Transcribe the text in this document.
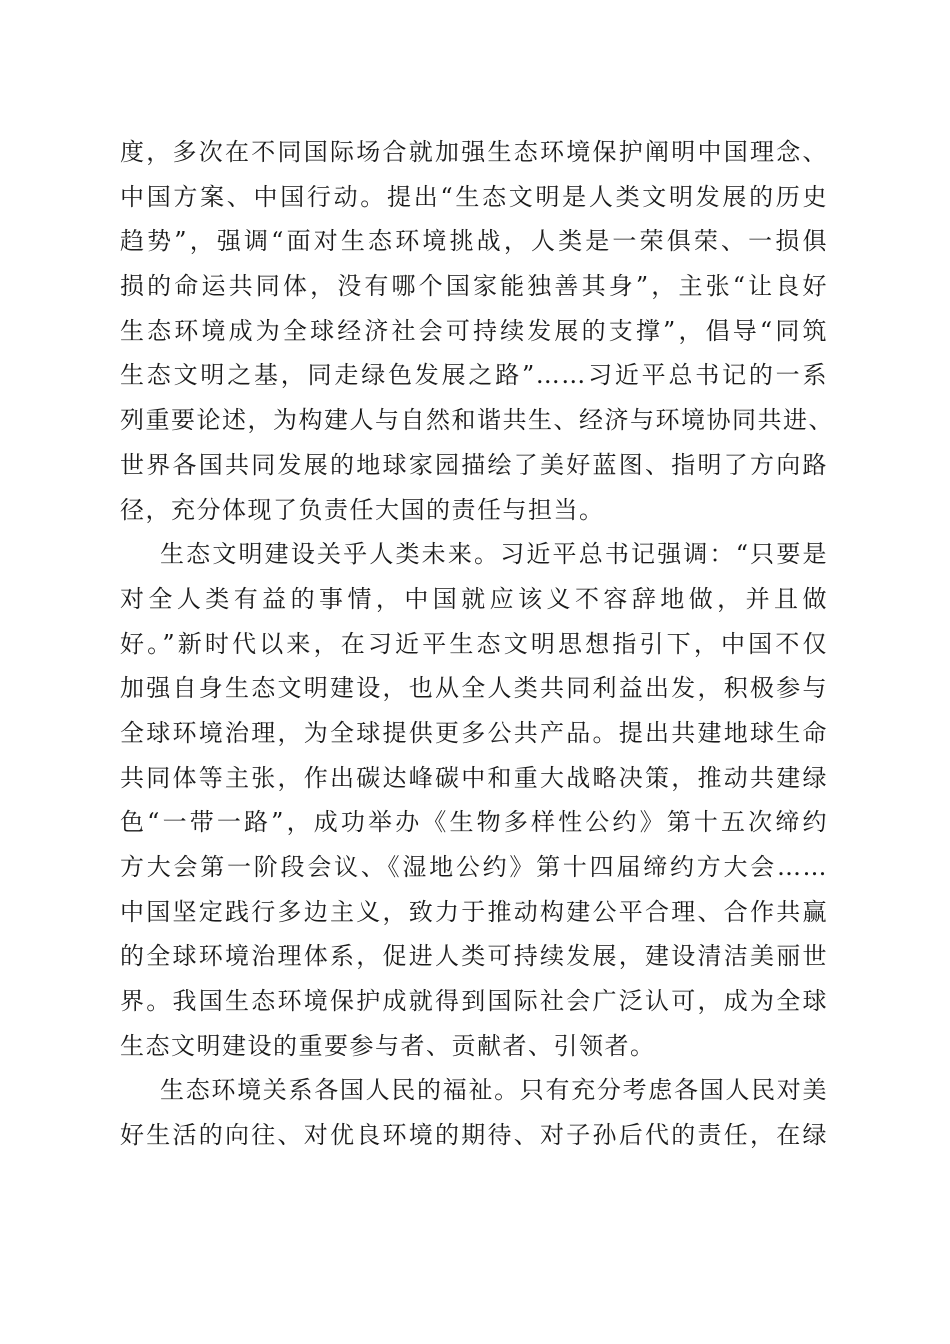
度，多次在不同国际场合就加强生态环境保护阐明中国理念、
中国方案、中国行动。提出“生态文明是人类文明发展的历史
趋势”，强调“面对生态环境挑战，人类是一荣俱荣、一损俱
损的命运共同体，没有哪个国家能独善其身”，主张“让良好
生态环境成为全球经济社会可持续发展的支撑”，倡导“同筑
生态文明之基，同走绿色发展之路”……习近平总书记的一系
列重要论述，为构建人与自然和谐共生、经济与环境协同共进、
世界各国共同发展的地球家园描绘了美好蓝图、指明了方向路
径，充分体现了负责任大国的责任与担当。
生态文明建设关乎人类未来。习近平总书记强调：“只要是
对全人类有益的事情，中国就应该义不容辞地做，并且做
好。”新时代以来，在习近平生态文明思想指引下，中国不仅
加强自身生态文明建设，也从全人类共同利益出发，积极参与
全球环境治理，为全球提供更多公共产品。提出共建地球生命
共同体等主张，作出碳达峰碳中和重大战略决策，推动共建绿
色“一带一路”，成功举办《生物多样性公约》第十五次缔约
方大会第一阶段会议、《湿地公约》第十四届缔约方大会……
中国坚定践行多边主义，致力于推动构建公平合理、合作共赢
的全球环境治理体系，促进人类可持续发展，建设清洁美丽世
界。我国生态环境保护成就得到国际社会广泛认可，成为全球
生态文明建设的重要参与者、贡献者、引领者。
生态环境关系各国人民的福祉。只有充分考虑各国人民对美
好生活的向往、对优良环境的期待、对子孙后代的责任，在绿
